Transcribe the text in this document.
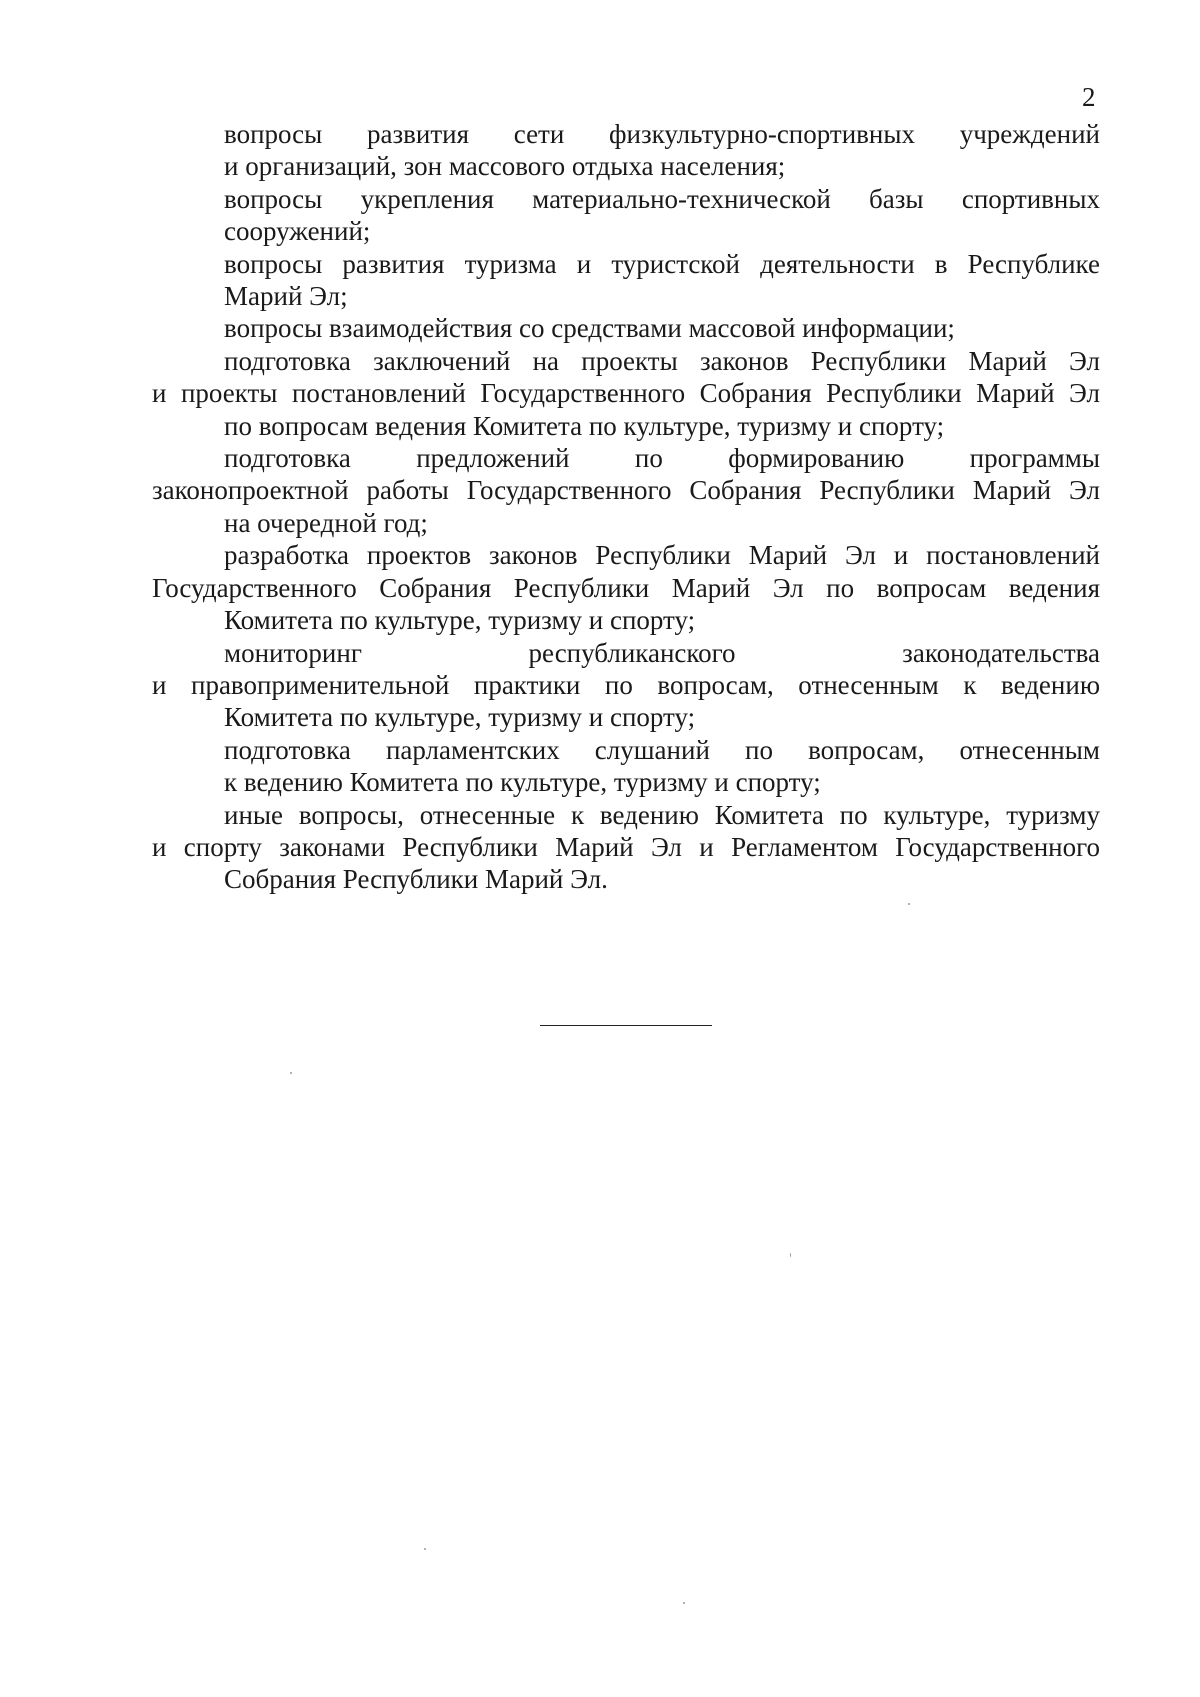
2

вопросы развития сети физкультурно-спортивных учреждений
и организаций, зон массового отдыха населения;

вопросы укрепления материально-технической базы спортивных
сооружений;

вопросы развития туризма и туристской деятельности в Республике
Марий Эл;

вопросы взаимодействия со средствами массовой информации;

подготовка заключений на проекты законов Республики Марий Эл
и проекты постановлений Государственного Собрания Республики Марий Эл
по вопросам ведения Комитета по культуре, туризму и спорту;

подготовка предложений по формированию программы
законопроектной работы Государственного Собрания Республики Марий Эл
на очередной год;

разработка проектов законов Республики Марий Эл и постановлений
Государственного Собрания Республики Марий Эл по вопросам ведения
Комитета по культуре, туризму и спорту;

мониторинг республиканского законодательства
и правоприменительной практики по вопросам, отнесенным к ведению
Комитета по культуре, туризму и спорту;

подготовка парламентских слушаний по вопросам, отнесенным
к ведению Комитета по культуре, туризму и спорту;

иные вопросы, отнесенные к ведению Комитета по культуре, туризму
и спорту законами Республики Марий Эл и Регламентом Государственного
Собрания Республики Марий Эл.
